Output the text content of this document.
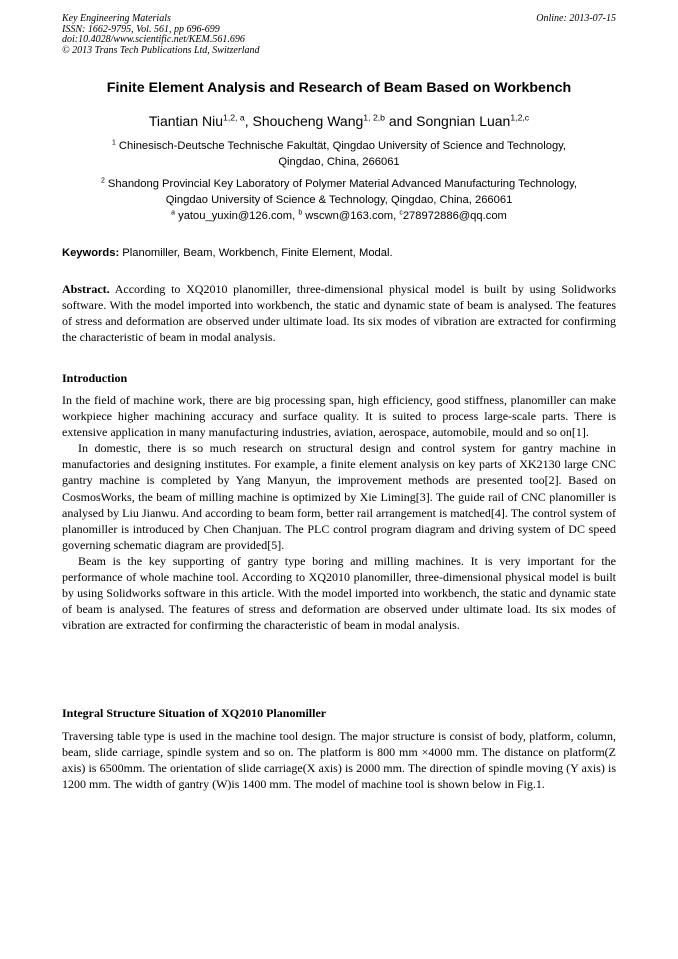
Key Engineering Materials
ISSN: 1662-9795, Vol. 561, pp 696-699
doi:10.4028/www.scientific.net/KEM.561.696
© 2013 Trans Tech Publications Ltd, Switzerland
Online: 2013-07-15
Finite Element Analysis and Research of Beam Based on Workbench
Tiantian Niu$^{1,2, a}$, Shoucheng Wang$^{1, 2,b}$ and Songnian Luan$^{1,2,c}$
$^1$ Chinesisch-Deutsche Technische Fakultät, Qingdao University of Science and Technology,
Qingdao, China, 266061
$^2$ Shandong Provincial Key Laboratory of Polymer Material Advanced Manufacturing Technology,
Qingdao University of Science & Technology, Qingdao, China, 266061
$^a$ yatou_yuxin@126.com, $^b$ wscwn@163.com, $^c$278972886@qq.com
Keywords: Planomiller, Beam, Workbench, Finite Element, Modal.
Abstract. According to XQ2010 planomiller, three-dimensional physical model is built by using Solidworks software. With the model imported into workbench, the static and dynamic state of beam is analysed. The features of stress and deformation are observed under ultimate load. Its six modes of vibration are extracted for confirming the characteristic of beam in modal analysis.
Introduction

In the field of machine work, there are big processing span, high efficiency, good stiffness, planomiller can make workpiece higher machining accuracy and surface quality. It is suited to process large-scale parts. There is extensive application in many manufacturing industries, aviation, aerospace, automobile, mould and so on[1].

In domestic, there is so much research on structural design and control system for gantry machine in manufactories and designing institutes. For example, a finite element analysis on key parts of XK2130 large CNC gantry machine is completed by Yang Manyun, the improvement methods are presented too[2]. Based on CosmosWorks, the beam of milling machine is optimized by Xie Liming[3]. The guide rail of CNC planomiller is analysed by Liu Jianwu. And according to beam form, better rail arrangement is matched[4]. The control system of planomiller is introduced by Chen Chanjuan. The PLC control program diagram and driving system of DC speed governing schematic diagram are provided[5].

Beam is the key supporting of gantry type boring and milling machines. It is very important for the performance of whole machine tool. According to XQ2010 planomiller, three-dimensional physical model is built by using Solidworks software in this article. With the model imported into workbench, the static and dynamic state of beam is analysed. The features of stress and deformation are observed under ultimate load. Its six modes of vibration are extracted for confirming the characteristic of beam in modal analysis.

Integral Structure Situation of XQ2010 Planomiller

Traversing table type is used in the machine tool design. The major structure is consist of body, platform, column, beam, slide carriage, spindle system and so on. The platform is 800 mm ×4000 mm. The distance on platform(Z axis) is 6500mm. The orientation of slide carriage(X axis) is 2000 mm. The direction of spindle moving (Y axis) is 1200 mm. The width of gantry (W)is 1400 mm. The model of machine tool is shown below in Fig.1.
